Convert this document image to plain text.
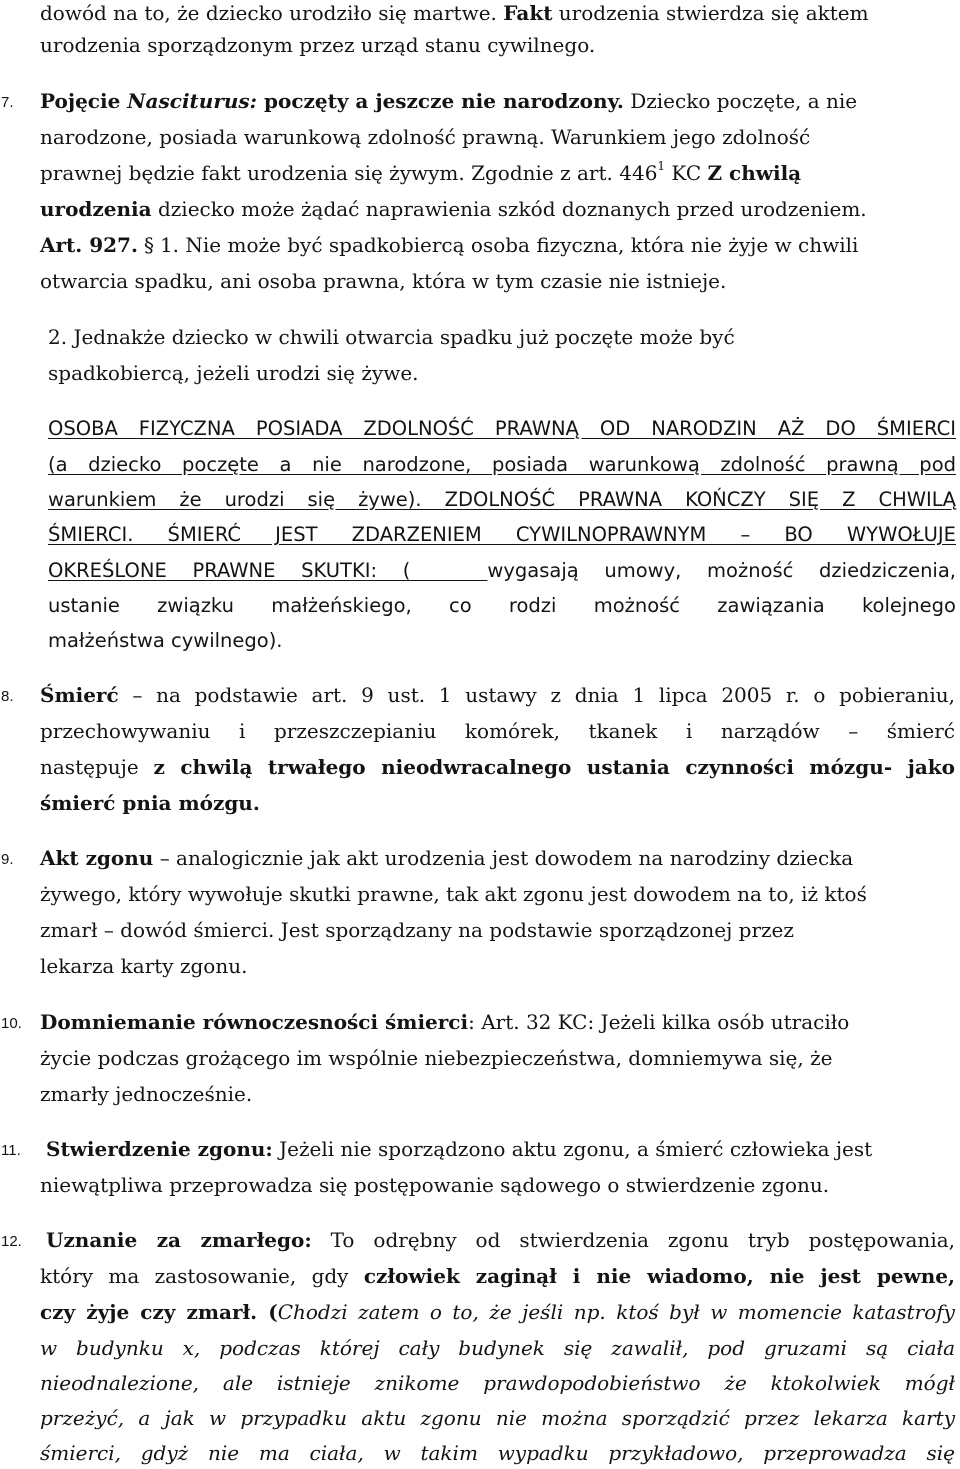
dowód na to, że dziecko urodziło się martwe. Fakt urodzenia stwierdza się aktem

urodzenia sporządzonym przez urząd stanu cywilnego.

7. Pojęcie Nasciturus: poczęty a jeszcze nie narodzony. Dziecko poczęte, a nie

narodzone, posiada warunkową zdolność prawną. Warunkiem jego zdolność

prawnej będzie fakt urodzenia się żywym. Zgodnie z art. $446^1$ KC Z chwilą

urodzenia dziecko może żądać naprawienia szkód doznanych przed urodzeniem.

Art. 927. § 1. Nie może być spadkobiercą osoba fizyczna, która nie żyje w chwili

otwarcia spadku, ani osoba prawna, która w tym czasie nie istnieje.

2. Jednakże dziecko w chwili otwarcia spadku już poczęte może być

spadkobiercą, jeżeli urodzi się żywe.

OSOBA FIZYCZNA POSIADA ZDOLNOŚĆ PRAWNĄ OD NARODZIN AŻ DO ŚMIERCI

(a dziecko poczęte a nie narodzone, posiada warunkową zdolność prawną pod

warunkiem że urodzi się żywe). ZDOLNOŚĆ PRAWNA KOŃCZY SIĘ Z CHWILĄ

ŚMIERCI. ŚMIERĆ JEST ZDARZENIEM CYWILNOPRAWNYM – BO WYWOŁUJE

OKREŚLONE PRAWNE SKUTKI: (	wygasają umowy, możność dziedziczenia,

ustanie związku małżeńskiego, co rodzi możność zawiązania kolejnego

małżeństwa cywilnego).

8. Śmierć – na podstawie art. 9 ust. 1 ustawy z dnia 1 lipca 2005 r. o pobieraniu,

przechowywaniu i przeszczepianiu komórek, tkanek i narządów – śmierć

następuje z chwilą trwałego nieodwracalnego ustania czynności mózgu- jako

śmierć pnia mózgu.

9. Akt zgonu – analogicznie jak akt urodzenia jest dowodem na narodziny dziecka

żywego, który wywołuje skutki prawne, tak akt zgonu jest dowodem na to, iż ktoś

zmarł – dowód śmierci. Jest sporządzany na podstawie sporządzonej przez

lekarza karty zgonu.

10. Domniemanie równoczesności śmierci: Art. 32 KC: Jeżeli kilka osób utraciło

życie podczas grożącego im wspólnie niebezpieczeństwa, domniemywa się, że

zmarły jednocześnie.

11. Stwierdzenie zgonu: Jeżeli nie sporządzono aktu zgonu, a śmierć człowieka jest

niewątpliwa przeprowadza się postępowanie sądowego o stwierdzenie zgonu.

12. Uznanie za zmarłego: To odrębny od stwierdzenia zgonu tryb postępowania,

który ma zastosowanie, gdy człowiek zaginął i nie wiadomo, nie jest pewne,

czy żyje czy zmarł. (Chodzi zatem o to, że jeśli np. ktoś był w momencie katastrofy

w budynku x, podczas której cały budynek się zawalił, pod gruzami są ciała

nieodnalezione, ale istnieje znikome prawdopodobieństwo że ktokolwiek mógł

przeżyć, a jak w przypadku aktu zgonu nie można sporządzić przez lekarza karty

śmierci, gdyż nie ma ciała, w takim wypadku przykładowo, przeprowadza się
